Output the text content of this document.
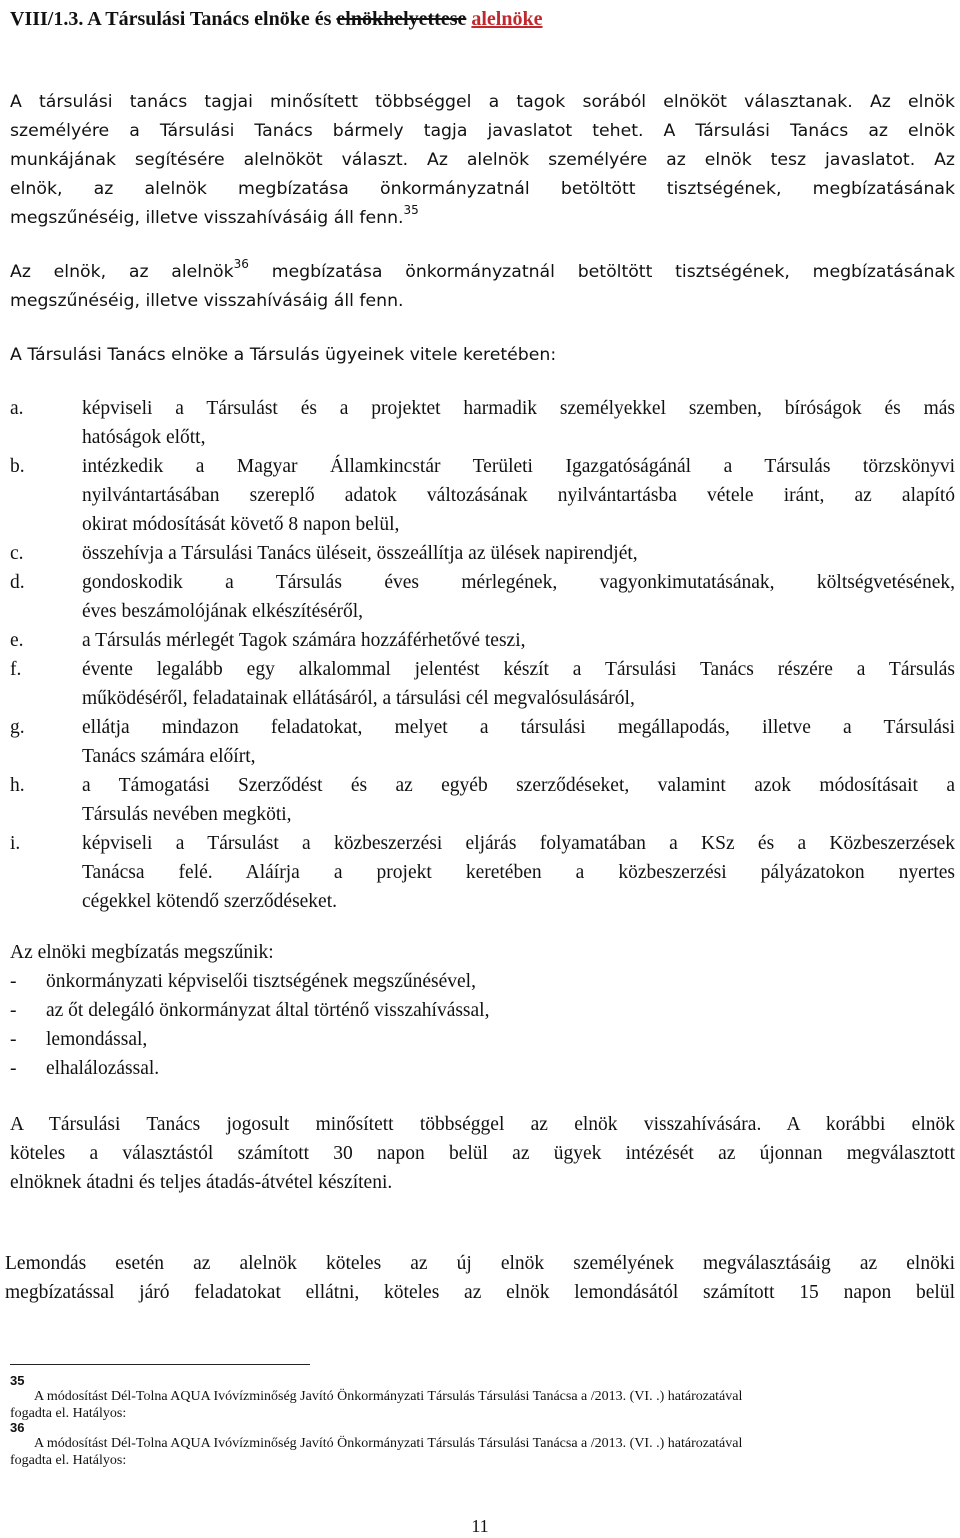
VIII/1.3. A Társulási Tanács elnöke és elnökhelyettese alelnöke
A társulási tanács tagjai minősített többséggel a tagok sorából elnököt választanak. Az elnök
személyére a Társulási Tanács bármely tagja javaslatot tehet. A Társulási Tanács az elnök
munkájának segítésére alelnököt választ. Az alelnök személyére az elnök tesz javaslatot. Az
elnök, az alelnök megbízatása önkormányzatnál betöltött tisztségének, megbízatásának
megszűnéséig, illetve visszahívásáig áll fenn.$^{35}$
Az elnök, az alelnök$^{36}$ megbízatása önkormányzatnál betöltött tisztségének, megbízatásának
megszűnéséig, illetve visszahívásáig áll fenn.
A Társulási Tanács elnöke a Társulás ügyeinek vitele keretében:
a.	képviseli a Társulást és a projektet harmadik személyekkel szemben, bíróságok és más
hatóságok előtt,
b.	intézkedik a Magyar Államkincstár Területi Igazgatóságánál a Társulás törzskönyvi
nyilvántartásában szereplő adatok változásának nyilvántartásba vétele iránt, az alapító
okirat módosítását követő 8 napon belül,
c.	összehívja a Társulási Tanács üléseit, összeállítja az ülések napirendjét,
d.	gondoskodik a Társulás éves mérlegének, vagyonkimutatásának, költségvetésének,
éves beszámolójának elkészítéséről,
e.	a Társulás mérlegét Tagok számára hozzáférhetővé teszi,
f.	évente legalább egy alkalommal jelentést készít a Társulási Tanács részére a Társulás
működéséről, feladatainak ellátásáról, a társulási cél megvalósulásáról,
g.	ellátja mindazon feladatokat, melyet a társulási megállapodás, illetve a Társulási
Tanács számára előírt,
h.	a Támogatási Szerződést és az egyéb szerződéseket, valamint azok módosításait a
Társulás nevében megköti,
i.	képviseli a Társulást a közbeszerzési eljárás folyamatában a KSz és a Közbeszerzések
Tanácsa felé. Aláírja a projekt keretében a közbeszerzési pályázatokon nyertes
cégekkel kötendő szerződéseket.
Az elnöki megbízatás megszűnik:
- önkormányzati képviselői tisztségének megszűnésével,
- az őt delegáló önkormányzat által történő visszahívással,
- lemondással,
- elhalálozással.
A Társulási Tanács jogosult minősített többséggel az elnök visszahívására. A korábbi elnök
köteles a választástól számított 30 napon belül az ügyek intézését az újonnan megválasztott
elnöknek átadni és teljes átadás-átvétel készíteni.
Lemondás esetén az alelnök köteles az új elnök személyének megválasztásáig az elnöki
megbízatással járó feladatokat ellátni, köteles az elnök lemondásától számított 15 napon belül
35
A módosítást Dél-Tolna AQUA Ivóvízminőség Javító Önkormányzati Társulás Társulási Tanácsa a /2013. (VI. .) határozatával
fogadta el. Hatályos:
36
A módosítást Dél-Tolna AQUA Ivóvízminőség Javító Önkormányzati Társulás Társulási Tanácsa a /2013. (VI. .) határozatával
fogadta el. Hatályos:
11
